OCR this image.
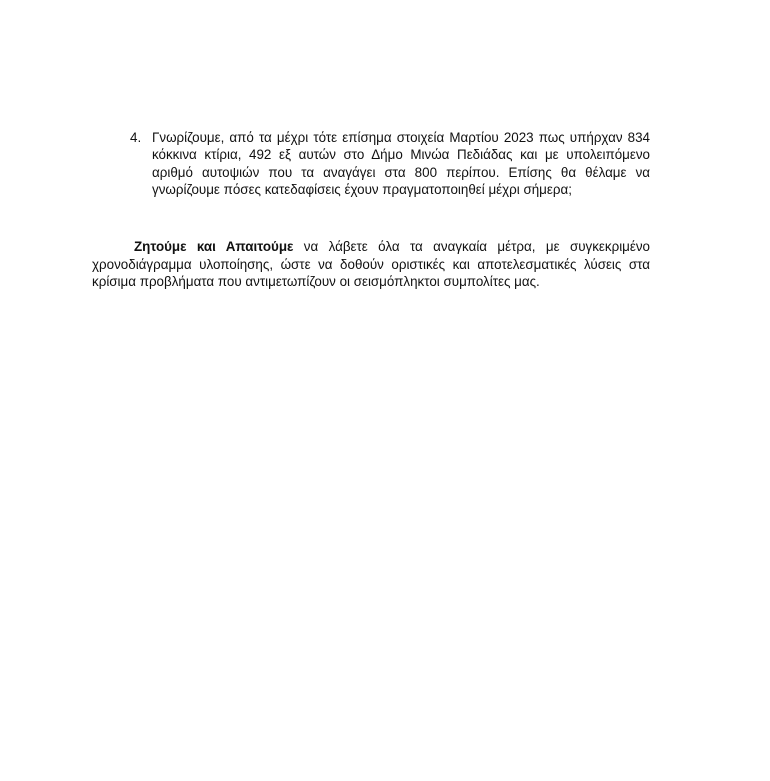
4. Γνωρίζουμε, από τα μέχρι τότε επίσημα στοιχεία Μαρτίου 2023 πως υπήρχαν 834 κόκκινα κτίρια, 492 εξ αυτών στο Δήμο Μινώα Πεδιάδας και με υπολειπόμενο αριθμό αυτοψιών που τα αναγάγει στα 800 περίπου. Επίσης θα θέλαμε να γνωρίζουμε πόσες κατεδαφίσεις έχουν πραγματοποιηθεί μέχρι σήμερα;

Ζητούμε και Απαιτούμε να λάβετε όλα τα αναγκαία μέτρα, με συγκεκριμένο χρονοδιάγραμμα υλοποίησης, ώστε να δοθούν οριστικές και αποτελεσματικές λύσεις στα κρίσιμα προβλήματα που αντιμετωπίζουν οι σεισμόπληκτοι συμπολίτες μας.
